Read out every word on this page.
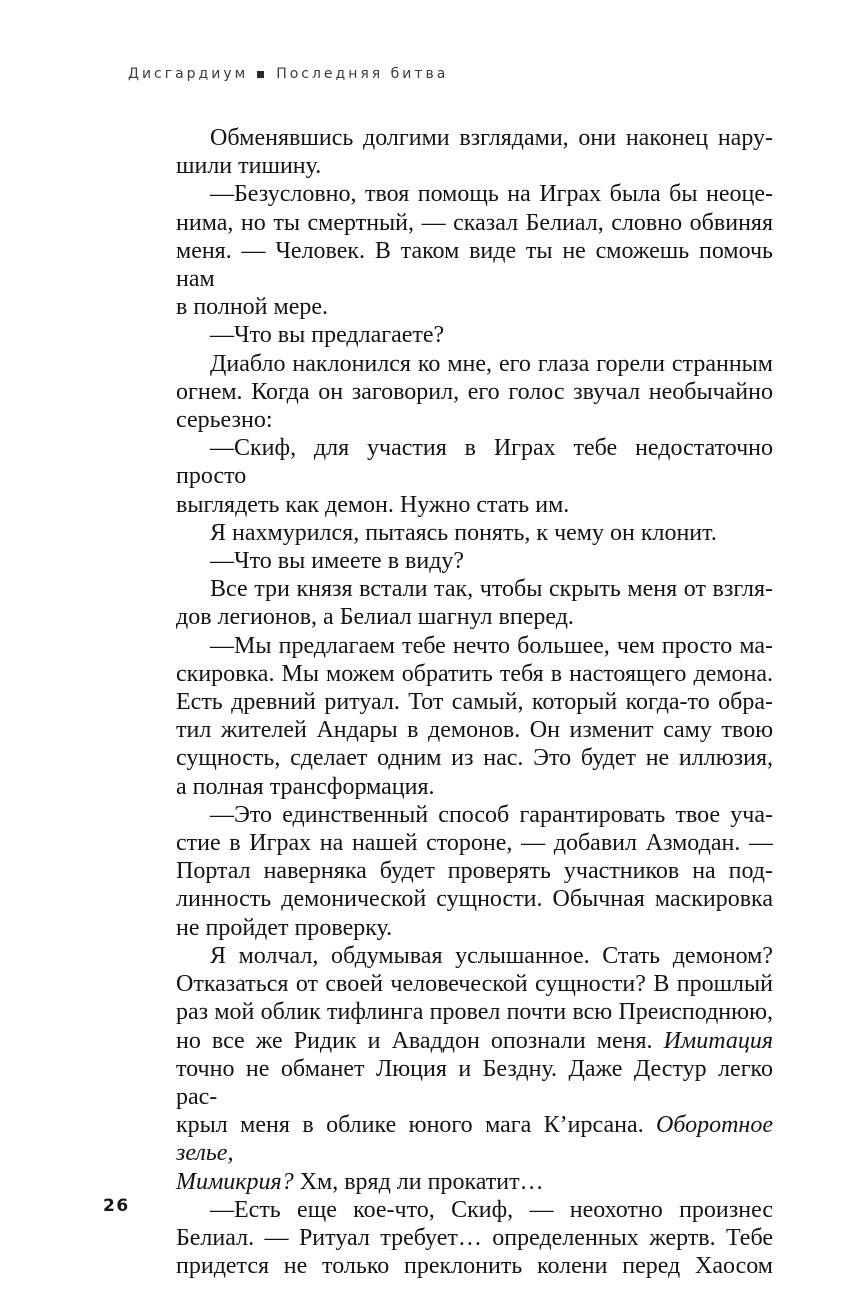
Дисгардиум Последняя битва
Обменявшись долгими взглядами, они наконец нару-
шили тишину.
—Безусловно, твоя помощь на Играх была бы неоце-
нима, но ты смертный, — сказал Белиал, словно обвиняя
меня. — Человек. В таком виде ты не сможешь помочь нам
в полной мере.
—Что вы предлагаете?
Диабло наклонился ко мне, его глаза горели странным
огнем. Когда он заговорил, его голос звучал необычайно
серьезно:
—Скиф, для участия в Играх тебе недостаточно просто
выглядеть как демон. Нужно стать им.
Я нахмурился, пытаясь понять, к чему он клонит.
—Что вы имеете в виду?
Все три князя встали так, чтобы скрыть меня от взгля-
дов легионов, а Белиал шагнул вперед.
—Мы предлагаем тебе нечто большее, чем просто ма-
скировка. Мы можем обратить тебя в настоящего демона.
Есть древний ритуал. Тот самый, который когда-то обра-
тил жителей Андары в демонов. Он изменит саму твою
сущность, сделает одним из нас. Это будет не иллюзия,
а полная трансформация.
—Это единственный способ гарантировать твое уча-
стие в Играх на нашей стороне, — добавил Азмодан. —
Портал наверняка будет проверять участников на под-
линность демонической сущности. Обычная маскировка
не пройдет проверку.
Я молчал, обдумывая услышанное. Стать демоном?
Отказаться от своей человеческой сущности? В прошлый
раз мой облик тифлинга провел почти всю Преисподнюю,
но все же Ридик и Аваддон опознали меня. Имитация
точно не обманет Люция и Бездну. Даже Дестур легко рас-
крыл меня в облике юного мага К’ирсана. Оборотное зелье,
Мимикрия? Хм, вряд ли прокатит…
—Есть еще кое-что, Скиф, — неохотно произнес
Белиал. — Ритуал требует… определенных жертв. Тебе
придется не только преклонить колени перед Хаосом
26
